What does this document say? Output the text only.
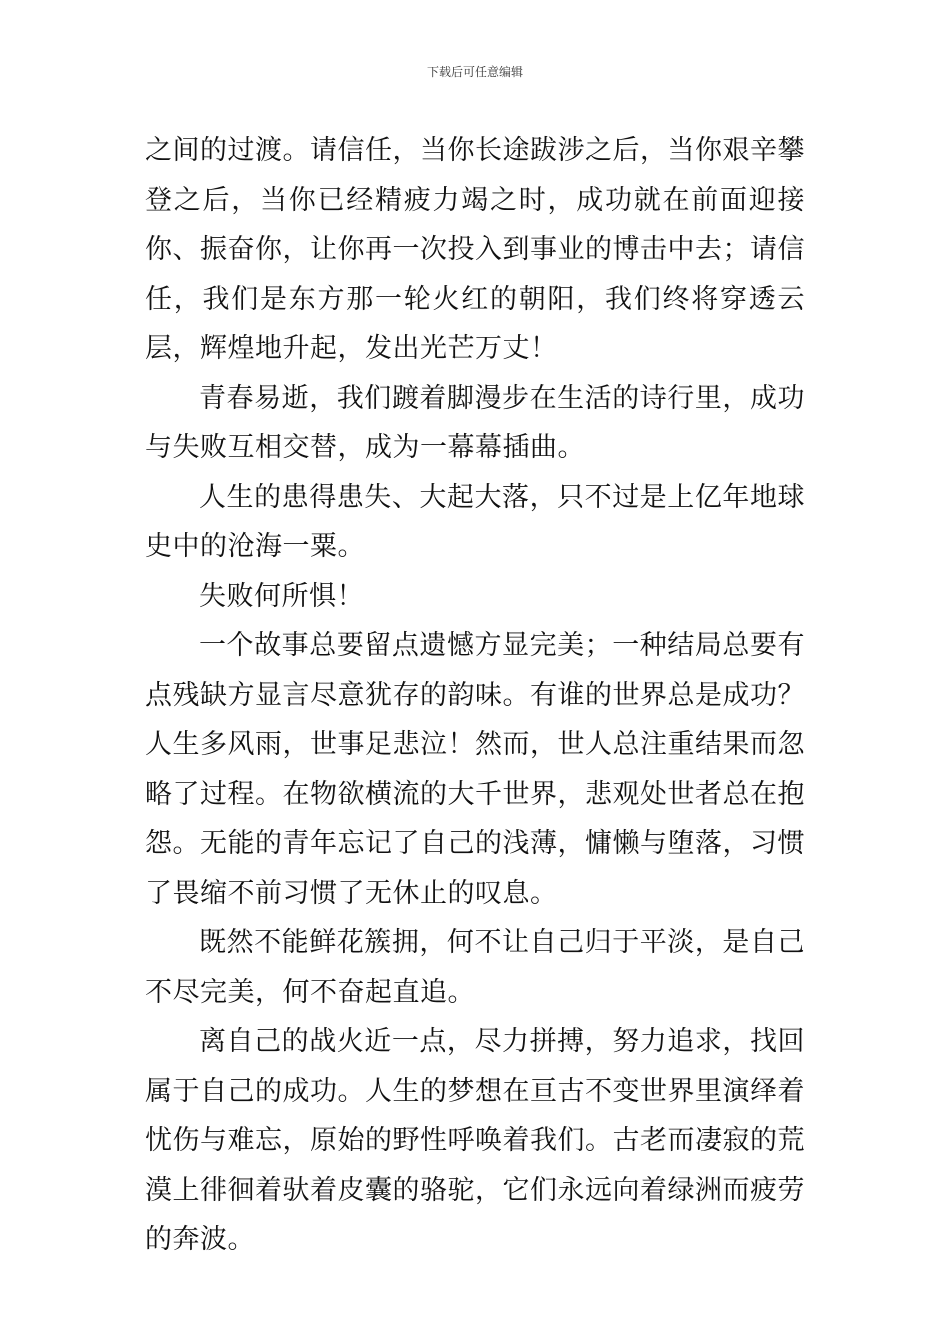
下载后可任意编辑

之间的过渡。请信任，当你长途跋涉之后，当你艰辛攀登之后，当你已经精疲力竭之时，成功就在前面迎接你、振奋你，让你再一次投入到事业的博击中去；请信任，我们是东方那一轮火红的朝阳，我们终将穿透云层，辉煌地升起，发出光芒万丈！

青春易逝，我们踱着脚漫步在生活的诗行里，成功与失败互相交替，成为一幕幕插曲。

人生的患得患失、大起大落，只不过是上亿年地球史中的沧海一粟。

失败何所惧！

一个故事总要留点遗憾方显完美；一种结局总要有点残缺方显言尽意犹存的韵味。有谁的世界总是成功？人生多风雨，世事足悲泣！然而，世人总注重结果而忽略了过程。在物欲横流的大千世界，悲观处世者总在抱怨。无能的青年忘记了自己的浅薄，慵懒与堕落，习惯了畏缩不前习惯了无休止的叹息。

既然不能鲜花簇拥，何不让自己归于平淡，是自己不尽完美，何不奋起直追。

离自己的战火近一点，尽力拼搏，努力追求，找回属于自己的成功。人生的梦想在亘古不变世界里演绎着忧伤与难忘，原始的野性呼唤着我们。古老而凄寂的荒漠上徘徊着驮着皮囊的骆驼，它们永远向着绿洲而疲劳的奔波。
